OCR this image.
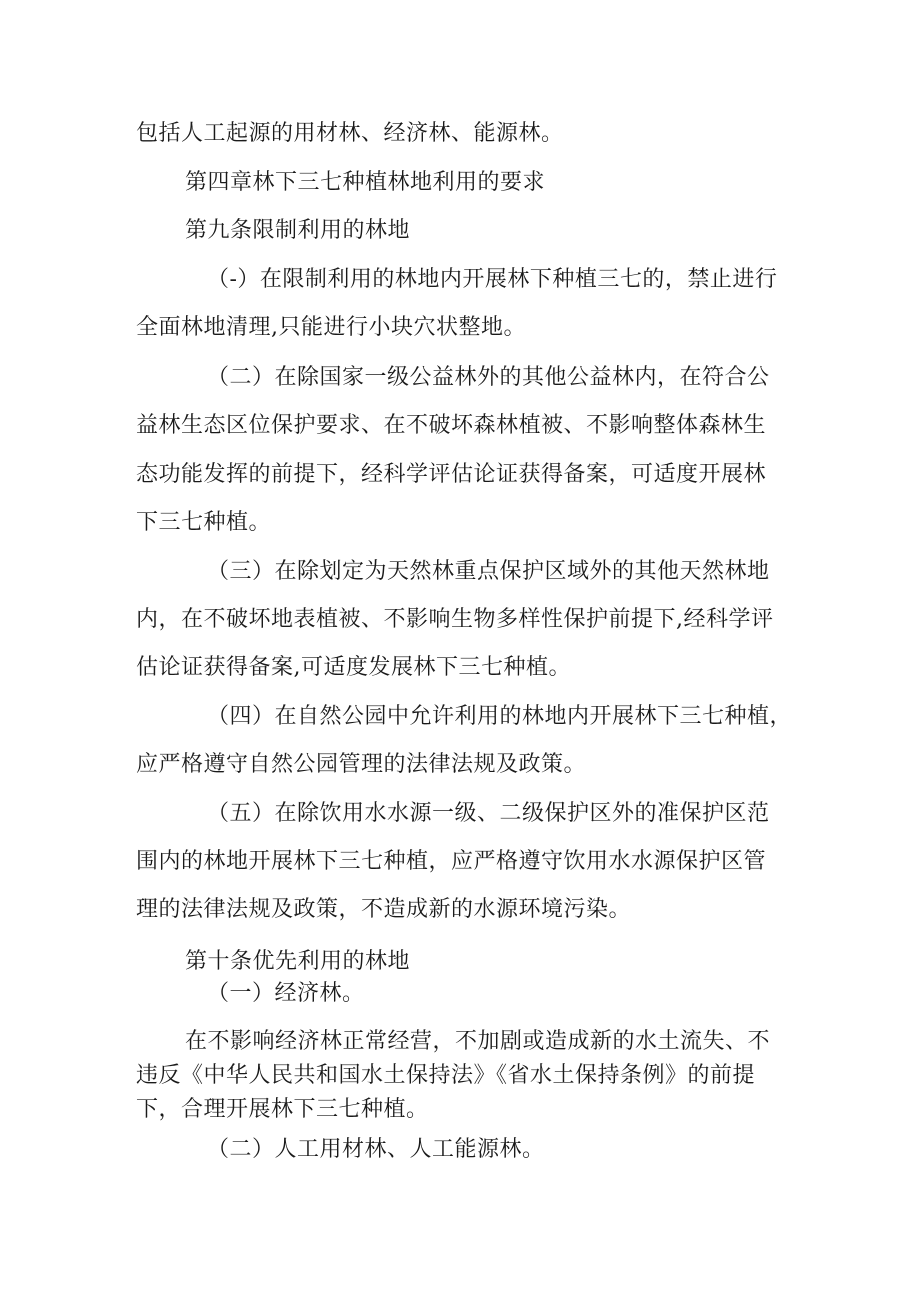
包括人工起源的用材林、经济林、能源林。
第四章林下三七种植林地利用的要求
第九条限制利用的林地
（-）在限制利用的林地内开展林下种植三七的，禁止进行
全面林地清理,只能进行小块穴状整地。
（二）在除国家一级公益林外的其他公益林内，在符合公
益林生态区位保护要求、在不破坏森林植被、不影响整体森林生
态功能发挥的前提下，经科学评估论证获得备案，可适度开展林
下三七种植。
（三）在除划定为天然林重点保护区域外的其他天然林地
内，在不破坏地表植被、不影响生物多样性保护前提下,经科学评
估论证获得备案,可适度发展林下三七种植。
（四）在自然公园中允许利用的林地内开展林下三七种植，
应严格遵守自然公园管理的法律法规及政策。
（五）在除饮用水水源一级、二级保护区外的准保护区范
围内的林地开展林下三七种植，应严格遵守饮用水水源保护区管
理的法律法规及政策，不造成新的水源环境污染。
第十条优先利用的林地
（一）经济林。
在不影响经济林正常经营，不加剧或造成新的水土流失、不
违反《中华人民共和国水土保持法》《省水土保持条例》的前提
下，合理开展林下三七种植。
（二）人工用材林、人工能源林。
